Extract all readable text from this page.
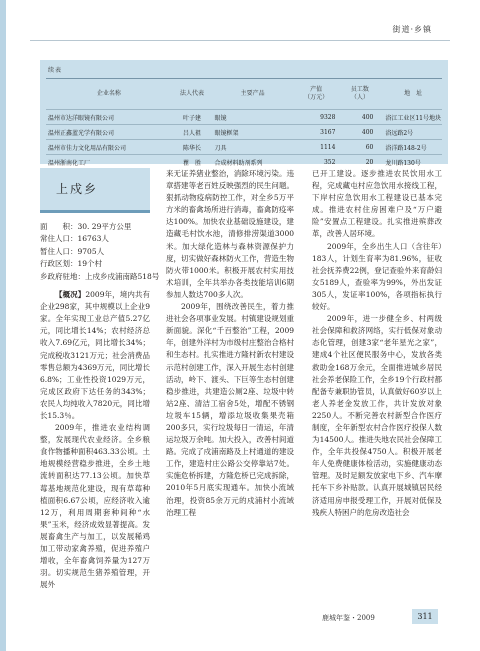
街道·乡镇
续表
企业名称	法人代表	主要产品	产值
（万元）	员工数
（人）	地　址
温州市达洋眼镜有限公司	叶子建	眼镜	9328	400	浴江工业区11号地块
温州正鑫蓝光学有限公司	吕人祖	眼镜框架	3167	400	浴远路2号
温州市佳力文化用品有限公司	陈华长	刀具	1114	60	浴洋路148-2号
温州浙南化工厂	瞿　胜	合成材料助剂系列	352	20	龙川路130号
上戍乡
面　　积：30. 29平方公里
常住人口：16763人
暂住人口：9705人
行政区划：19个村
乡政府驻地：上戍乡戍浦南路518号

【概况】2009年，境内共有企业298家，其中规模以上企业9家。全年实现工业总产值5.27亿元，同比增长14%；农村经济总收入7.69亿元，同比增长34%；完成税收3121万元；社会消费品零售总额为4369万元，同比增长6.8%；工业性投资1029万元，完成区政府下达任务的343%；农民人均纯收入7820元，同比增长15.3％。

2009年，推进农业结构调整，发展现代农业经济。全乡粮食作物播种面积463.33公顷。土地规模经营稳步推进，全乡土地流转面积达77.13公顷。加快草莓基地规范化建设，现有草莓种植面积6.67公顷，应经济收入逾12万，利用周期套种间种“水果”玉米，经济成效显著提高。发展畜禽生产与加工，以发展稀鸡加工带动家禽养殖，促进养殖户增收，全年畜禽饲养量为127万羽。切实规范生猪养殖管理，开展外

来无证养猪业整治，消除环境污染。违章搭建等老百姓反映强烈的民生问题。狠抓动物疫病防控工作，对全乡5万平方米的畜禽场所进行消毒，畜禽防疫率达100%。加快农业基础设施建设，建造藏毛村饮水池，清修排涝渠道3000米。加大绿化造林与森林资源保护力度，切实做好森林防火工作，营造生物防火带1000米。积极开展农村实用技术培训，全年共举办各类技能培训6期参加人数达700多人次。

2009年，围绕改善民生，着力推进社会各项事业发展。村镇建设规划重新面貌。深化“千百整治”工程，2009年，创建外洋村为市级村庄整治合格村和生态村。扎实推进方隆村新农村建设示范村创建工作，深入开展生态村创建活动，岭下、渡头、下巨等生态村创建稳步推进，共建造公厕2座、垃圾中转站2座、清洁工宿舍5处，增配不锈钢垃圾车15辆，增添垃圾收集果壳箱200多只，实行垃圾每日一清运，年清运垃圾万余吨。加大投入，改善村间道路。完成了戍浦南路及上村通道的建设工作，建造村庄公路公交停靠站7处。实施危桥拆建，方隆危桥已完成拆除，2010年5月底实现通车。加快小流域治理，投资85余万元的戍浦村小流域治理工程

已开工建设。逐步推进农民饮用水工程，完成藏屯村应急饮用水接线工程，下岸村应急饮用水工程建设已基本完成。推进农村住房困难户及“万户避险”安置点工程建设。扎实推进殡葬改革，改善人居环境。

2009年，全乡出生人口（含往年）183人，计划生育率为81.96%，征收社会抚养费22例，登记查验外来育龄妇女5189人，查验率为99%，外出发证305人，发证率100%，各项指标执行较好。

2009年，进一步健全乡、村两级社会保障和救济网络，实行低保对象动态化管理，创建3家“老年星光之家”，建成4个社区便民服务中心，发放各类救助金168万余元，全面推进城乡居民社会养老保险工作，全乡19个行政村都配备专兼职协管员，认真做好60岁以上老人养老金发放工作，共计发放对象2250人。不断完善农村新型合作医疗制度，全年新型农村合作医疗投保人数为14500人。推进失地农民社会保障工作，全年共投保4750人。积极开展老年人免费健康体检活动，实施健康动态管理。及时足额发放家电下乡、汽车摩托车下乡补贴款。认真开展城镇居民经济适用房申报受理工作，开展对低保及残疾人特困户的危房改造社会

鹿城年鉴・2009	311
